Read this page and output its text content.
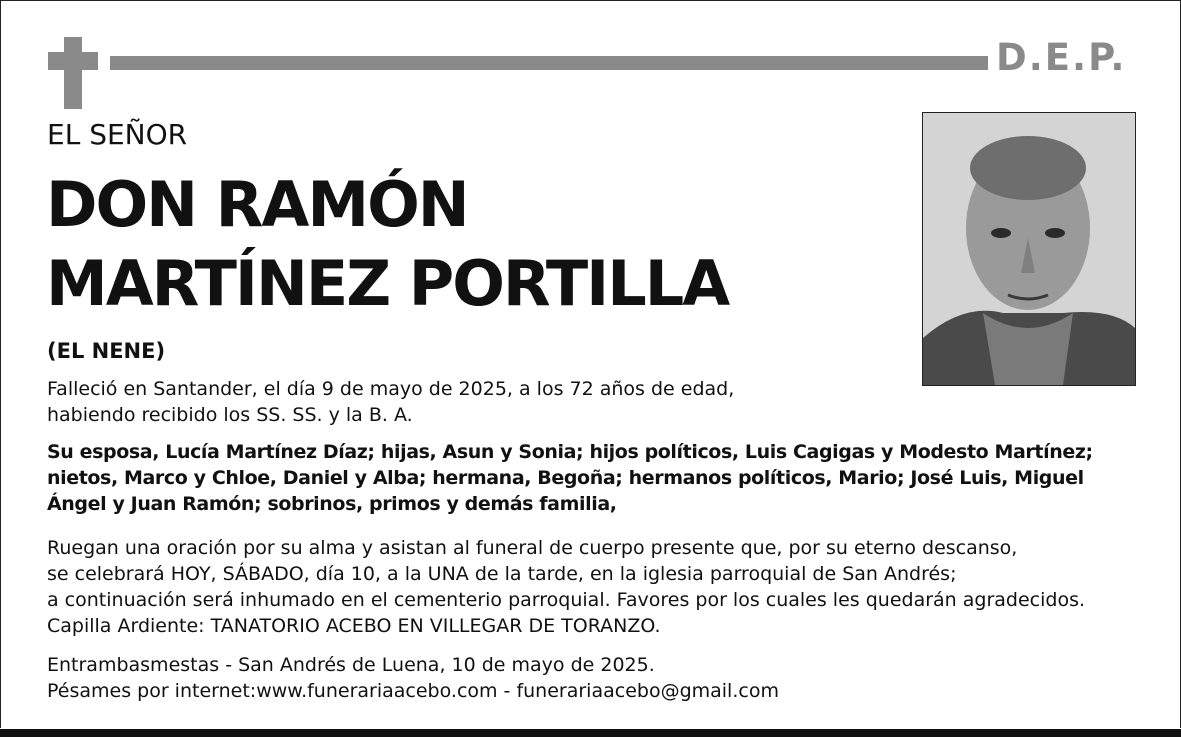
D.E.P.
EL SEÑOR
DON RAMÓN
MARTÍNEZ PORTILLA
(EL NENE)
Falleció en Santander, el día 9 de mayo de 2025, a los 72 años de edad,
habiendo recibido los SS. SS. y la B. A.
Su esposa, Lucía Martínez Díaz; hijas, Asun y Sonia; hijos políticos, Luis Cagigas y Modesto Martínez;
nietos, Marco y Chloe, Daniel y Alba; hermana, Begoña; hermanos políticos, Mario; José Luis, Miguel
Ángel y Juan Ramón; sobrinos, primos y demás familia,
Ruegan una oración por su alma y asistan al funeral de cuerpo presente que, por su eterno descanso,
se celebrará HOY, SÁBADO, día 10, a la UNA de la tarde, en la iglesia parroquial de San Andrés;
a continuación será inhumado en el cementerio parroquial. Favores por los cuales les quedarán agradecidos.
Capilla Ardiente: TANATORIO ACEBO EN VILLEGAR DE TORANZO.
Entrambasmestas - San Andrés de Luena, 10 de mayo de 2025.
Pésames por internet:www.funerariaacebo.com - funerariaacebo@gmail.com
